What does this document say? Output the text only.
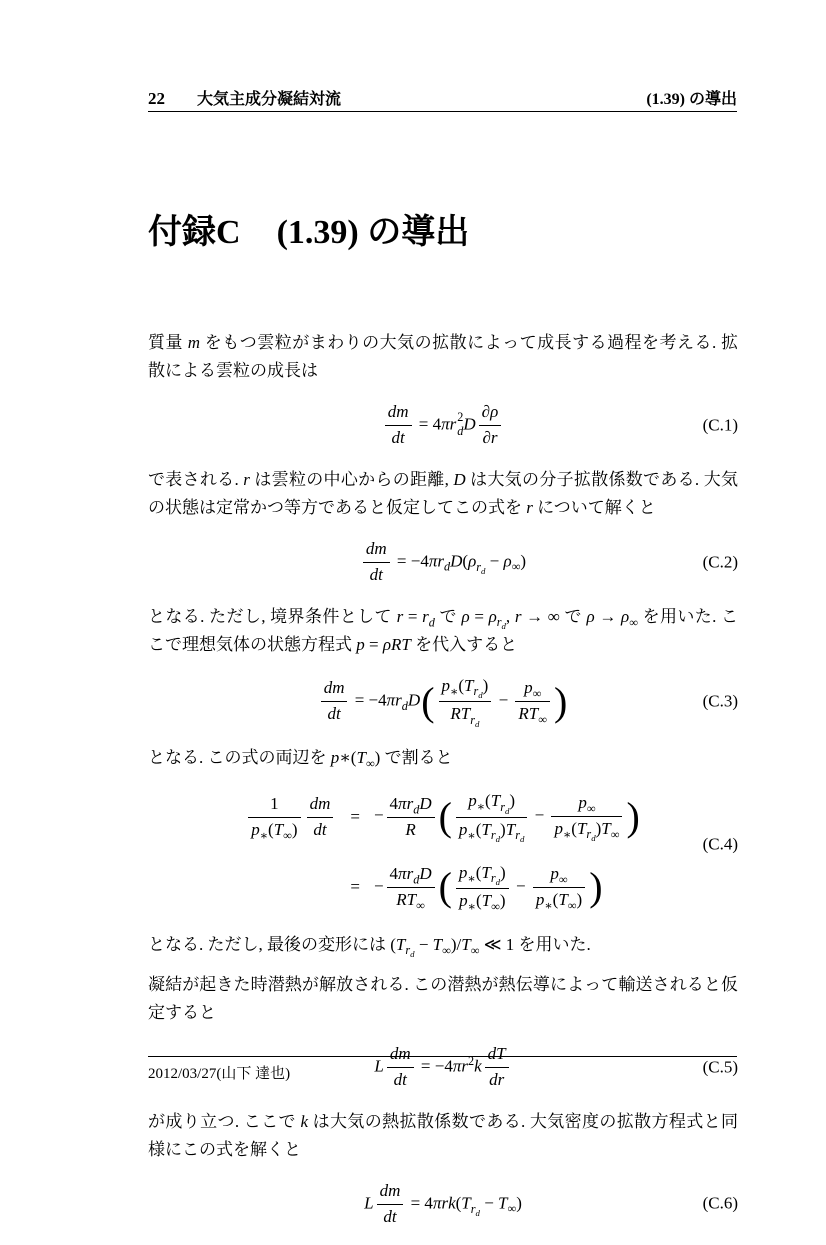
22 大気主成分凝結対流	(1.39) の導出
付録C (1.39) の導出

質量 m をもつ雲粒がまわりの大気の拡散によって成長する過程を考える. 拡散による雲粒の成長は

$\frac{dm}{dt} = 4\pi r$ 2
d D $\frac{\partial\rho}{\partial r}$	(C.1)

で表される. r は雲粒の中心からの距離, D は大気の分子拡散係数である. 大気の状態は定常かつ等方であると仮定してこの式を r について解くと

$\frac{dm}{dt} = -4\pi r_dD(\rho_{r_d} - \rho_\infty)$	(C.2)

となる. ただし, 境界条件として $r = r_d$ で $\rho = \rho_{r_d}$, r → ∞ で $\rho \to \rho_\infty$ を用いた. ここで理想気体の状態方程式 p = ρRT を代入すると

$\frac{dm}{dt} = -4\pi r_dD( \frac{p_∗(T_{r_d})}{RT_{r_d}} - \frac{p_\infty}{RT_\infty}$ )	(C.3)

となる. この式の両辺を $p∗(T_\infty)$ で割ると

(C.4)
$\frac{1}{p_∗(T_\infty)} \frac{dm}{dt}$ = − $\frac{4\pi r_dD}{R}$ ( $\frac{p_∗(T_{r_d})}{p_∗(T_{r_d})T_{r_d}} - \frac{p_\infty}{p_∗(T_{r_d})T_\infty}$ )
= − $\frac{4\pi r_dD}{RT_\infty}$ ( $\frac{p_∗(T_{r_d})}{p_∗(T_\infty)} - \frac{p_\infty}{p_∗(T_\infty)}$ )

となる. ただし, 最後の変形には $(T_{r_d} - T_\infty)/T_\infty$ ≪ 1 を用いた.

凝結が起きた時潜熱が解放される. この潜熱が熱伝導によって輸送されると仮定すると

L $\frac{dm}{dt} = -4\pi r^2k \frac{dT}{dr}$	(C.5)

が成り立つ. ここで k は大気の熱拡散係数である. 大気密度の拡散方程式と同様にこの式を解くと

L $\frac{dm}{dt} = 4\pi rk(T_{r_d} - T_\infty)$	(C.6)
2012/03/27(山下 達也)
